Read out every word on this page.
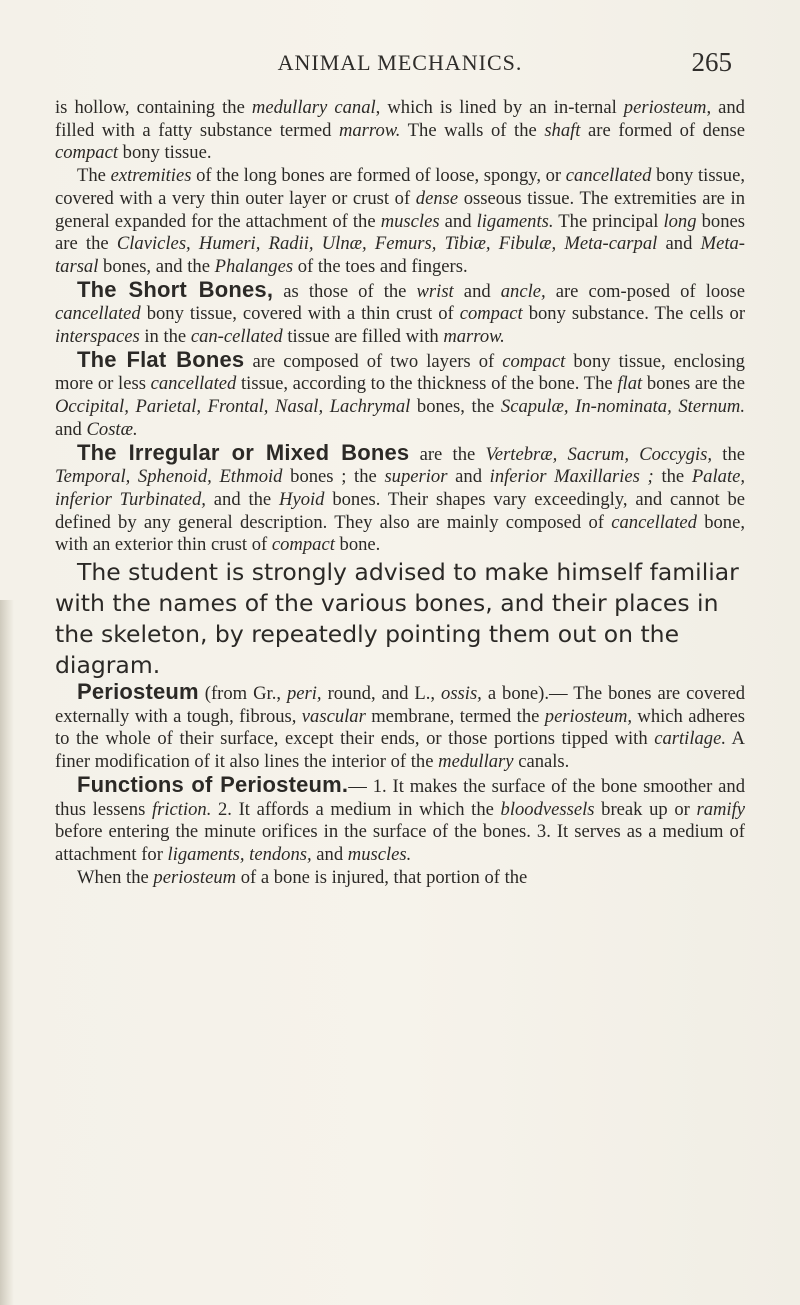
ANIMAL MECHANICS.	265

is hollow, containing the medullary canal, which is lined by an in-ternal periosteum, and filled with a fatty substance termed marrow. The walls of the shaft are formed of dense compact bony tissue.

The extremities of the long bones are formed of loose, spongy, or cancellated bony tissue, covered with a very thin outer layer or crust of dense osseous tissue. The extremities are in general expanded for the attachment of the muscles and ligaments. The principal long bones are the Clavicles, Humeri, Radii, Ulnæ, Femurs, Tibiæ, Fibulæ, Meta-carpal and Meta-tarsal bones, and the Phalanges of the toes and fingers.

The Short Bones, as those of the wrist and ancle, are com-posed of loose cancellated bony tissue, covered with a thin crust of compact bony substance. The cells or interspaces in the can-cellated tissue are filled with marrow.

The Flat Bones are composed of two layers of compact bony tissue, enclosing more or less cancellated tissue, according to the thickness of the bone. The flat bones are the Occipital, Parietal, Frontal, Nasal, Lachrymal bones, the Scapulæ, In-nominata, Sternum. and Costæ.

The Irregular or Mixed Bones are the Vertebræ, Sacrum, Coccygis, the Temporal, Sphenoid, Ethmoid bones ; the superior and inferior Maxillaries ; the Palate, inferior Turbinated, and the Hyoid bones. Their shapes vary exceedingly, and cannot be defined by any general description. They also are mainly composed of cancellated bone, with an exterior thin crust of compact bone.

The student is strongly advised to make himself familiar with the names of the various bones, and their places in the skeleton, by repeatedly pointing them out on the diagram.

Periosteum (from Gr., peri, round, and L., ossis, a bone).— The bones are covered externally with a tough, fibrous, vascular membrane, termed the periosteum, which adheres to the whole of their surface, except their ends, or those portions tipped with cartilage. A finer modification of it also lines the interior of the medullary canals.

Functions of Periosteum.— 1. It makes the surface of the bone smoother and thus lessens friction. 2. It affords a medium in which the bloodvessels break up or ramify before entering the minute orifices in the surface of the bones. 3. It serves as a medium of attachment for ligaments, tendons, and muscles.

When the periosteum of a bone is injured, that portion of the
